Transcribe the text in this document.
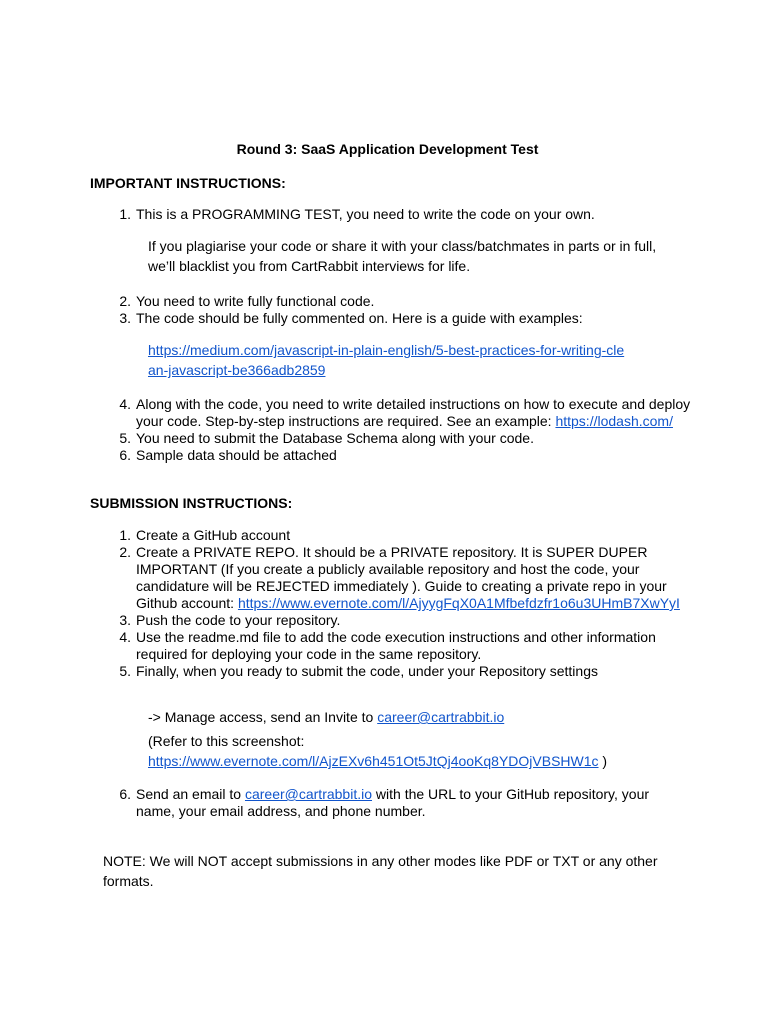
Round 3: SaaS Application Development Test
IMPORTANT INSTRUCTIONS:
1. This is a PROGRAMMING TEST, you need to write the code on your own.
If you plagiarise your code or share it with your class/batchmates in parts or in full, we’ll blacklist you from CartRabbit interviews for life.
2. You need to write fully functional code.
3. The code should be fully commented on. Here is a guide with examples:
https://medium.com/javascript-in-plain-english/5-best-practices-for-writing-clean-javascript-be366adb2859
4. Along with the code, you need to write detailed instructions on how to execute and deploy your code. Step-by-step instructions are required. See an example: https://lodash.com/
5. You need to submit the Database Schema along with your code.
6. Sample data should be attached
SUBMISSION INSTRUCTIONS:
1. Create a GitHub account
2. Create a PRIVATE REPO. It should be a PRIVATE repository. It is SUPER DUPER IMPORTANT (If you create a publicly available repository and host the code, your candidature will be REJECTED immediately ). Guide to creating a private repo in your Github account: https://www.evernote.com/l/AjyygFqX0A1Mfbefdzfr1o6u3UHmB7XwYyI
3. Push the code to your repository.
4. Use the readme.md file to add the code execution instructions and other information required for deploying your code in the same repository.
5. Finally, when you ready to submit the code, under your Repository settings
-> Manage access, send an Invite to career@cartrabbit.io
(Refer to this screenshot:
https://www.evernote.com/l/AjzEXv6h451Ot5JtQj4ooKq8YDOjVBSHW1c )
6. Send an email to career@cartrabbit.io with the URL to your GitHub repository, your name, your email address, and phone number.
NOTE: We will NOT accept submissions in any other modes like PDF or TXT or any other formats.
